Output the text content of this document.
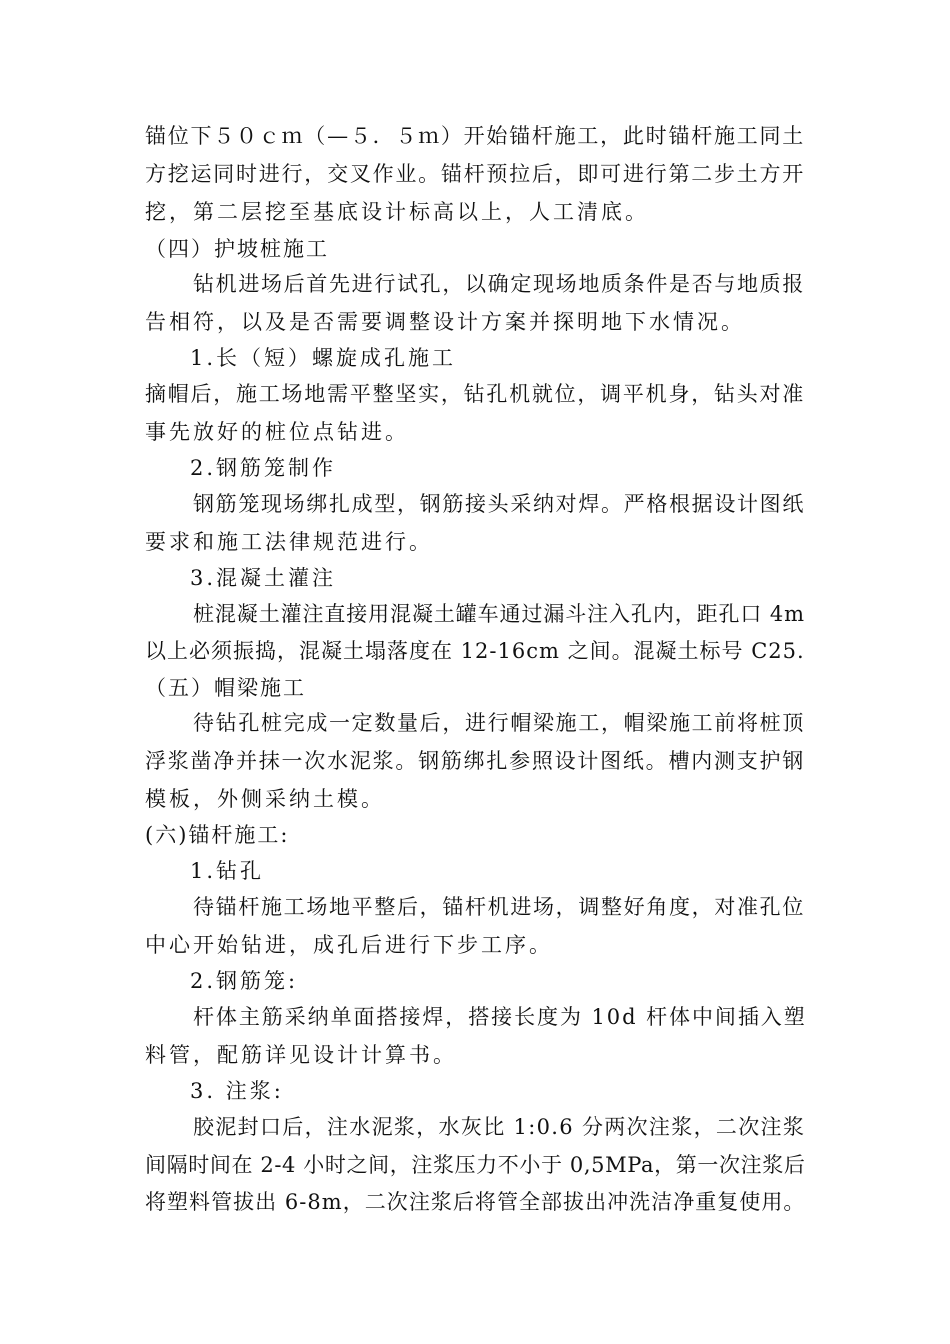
锚位下５０ｃｍ（—５．５ｍ）开始锚杆施工，此时锚杆施工同土
方挖运同时进行，交叉作业。锚杆预拉后，即可进行第二步土方开
挖，第二层挖至基底设计标高以上，人工清底。
（四）护坡桩施工
钻机进场后首先进行试孔，以确定现场地质条件是否与地质报
告相符，以及是否需要调整设计方案并探明地下水情况。
1.长（短）螺旋成孔施工
摘帽后，施工场地需平整坚实，钻孔机就位，调平机身，钻头对准
事先放好的桩位点钻进。
2.钢筋笼制作
钢筋笼现场绑扎成型，钢筋接头采纳对焊。严格根据设计图纸
要求和施工法律规范进行。
3.混凝土灌注
桩混凝土灌注直接用混凝土罐车通过漏斗注入孔内，距孔口 4m
以上必须振捣，混凝土塌落度在 12-16cm 之间。混凝土标号 C25.
（五）帽梁施工
待钻孔桩完成一定数量后，进行帽梁施工，帽梁施工前将桩顶
浮浆凿净并抹一次水泥浆。钢筋绑扎参照设计图纸。槽内测支护钢
模板，外侧采纳土模。
(六)锚杆施工:
1.钻孔
待锚杆施工场地平整后，锚杆机进场，调整好角度，对准孔位
中心开始钻进，成孔后进行下步工序。
2.钢筋笼:
杆体主筋采纳单面搭接焊，搭接长度为 10d 杆体中间插入塑
料管，配筋详见设计计算书。
3. 注浆:
胶泥封口后，注水泥浆，水灰比 1:0.6 分两次注浆，二次注浆
间隔时间在 2-4 小时之间，注浆压力不小于 0,5MPa，第一次注浆后
将塑料管拔出 6-8m，二次注浆后将管全部拔出冲洗洁净重复使用。
